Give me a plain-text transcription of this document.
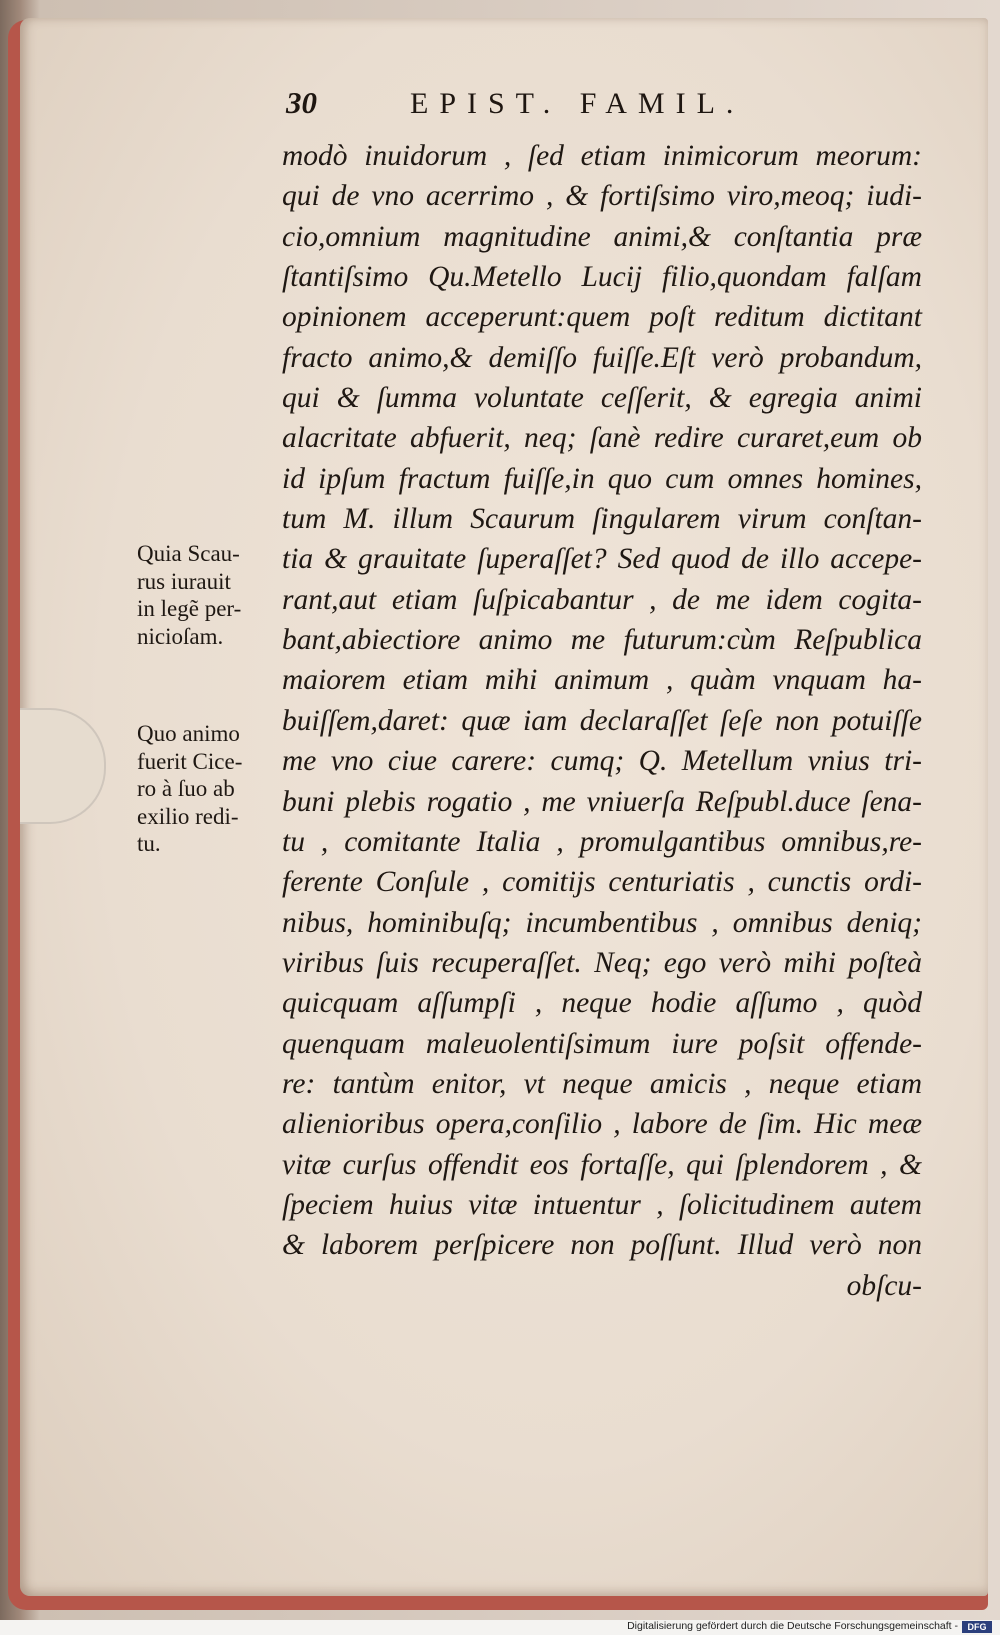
30	EPIST. FAMIL.
modò inuidorum , ſed etiam inimicorum meorum:
qui de vno acerrimo , & fortiſsimo viro,meoq; iudi-
cio,omnium magnitudine animi,& conſtantia præ
ſtantiſsimo Qu.Metello Lucij filio,quondam falſam
opinionem acceperunt:quem poſt reditum dictitant
fracto animo,& demiſſo fuiſſe.Eſt verò probandum,
qui & ſumma voluntate ceſſerit, & egregia animi
alacritate abfuerit, neq; ſanè redire curaret,eum ob
id ipſum fractum fuiſſe,in quo cum omnes homines,
tum M. illum Scaurum ſingularem virum conſtan-
tia & grauitate ſuperaſſet? Sed quod de illo accepe-
rant,aut etiam ſuſpicabantur , de me idem cogita-
bant,abiectiore animo me futurum:cùm Reſpublica
maiorem etiam mihi animum , quàm vnquam ha-
buiſſem,daret: quæ iam declaraſſet ſeſe non potuiſſe
me vno ciue carere: cumq; Q. Metellum vnius tri-
buni plebis rogatio , me vniuerſa Reſpubl.duce ſena-
tu , comitante Italia , promulgantibus omnibus,re-
ferente Conſule , comitijs centuriatis , cunctis ordi-
nibus, hominibuſq; incumbentibus , omnibus deniq;
viribus ſuis recuperaſſet. Neq; ego verò mihi poſteà
quicquam aſſumpſi , neque hodie aſſumo , quòd
quenquam maleuolentiſsimum iure poſsit offende-
re: tantùm enitor, vt neque amicis , neque etiam
alienioribus opera,conſilio , labore de ſim. Hic meæ
vitæ curſus offendit eos fortaſſe, qui ſplendorem , &
ſpeciem huius vitæ intuentur , ſolicitudinem autem
& laborem perſpicere non poſſunt. Illud verò non
obſcu-
Quia Scau-
rus iurauit
in legẽ per-
nicioſam.
Quo animo
fuerit Cice-
ro à ſuo ab
exilio redi-
tu.
Digitalisierung gefördert durch die Deutsche Forschungsgemeinschaft -	DFG
